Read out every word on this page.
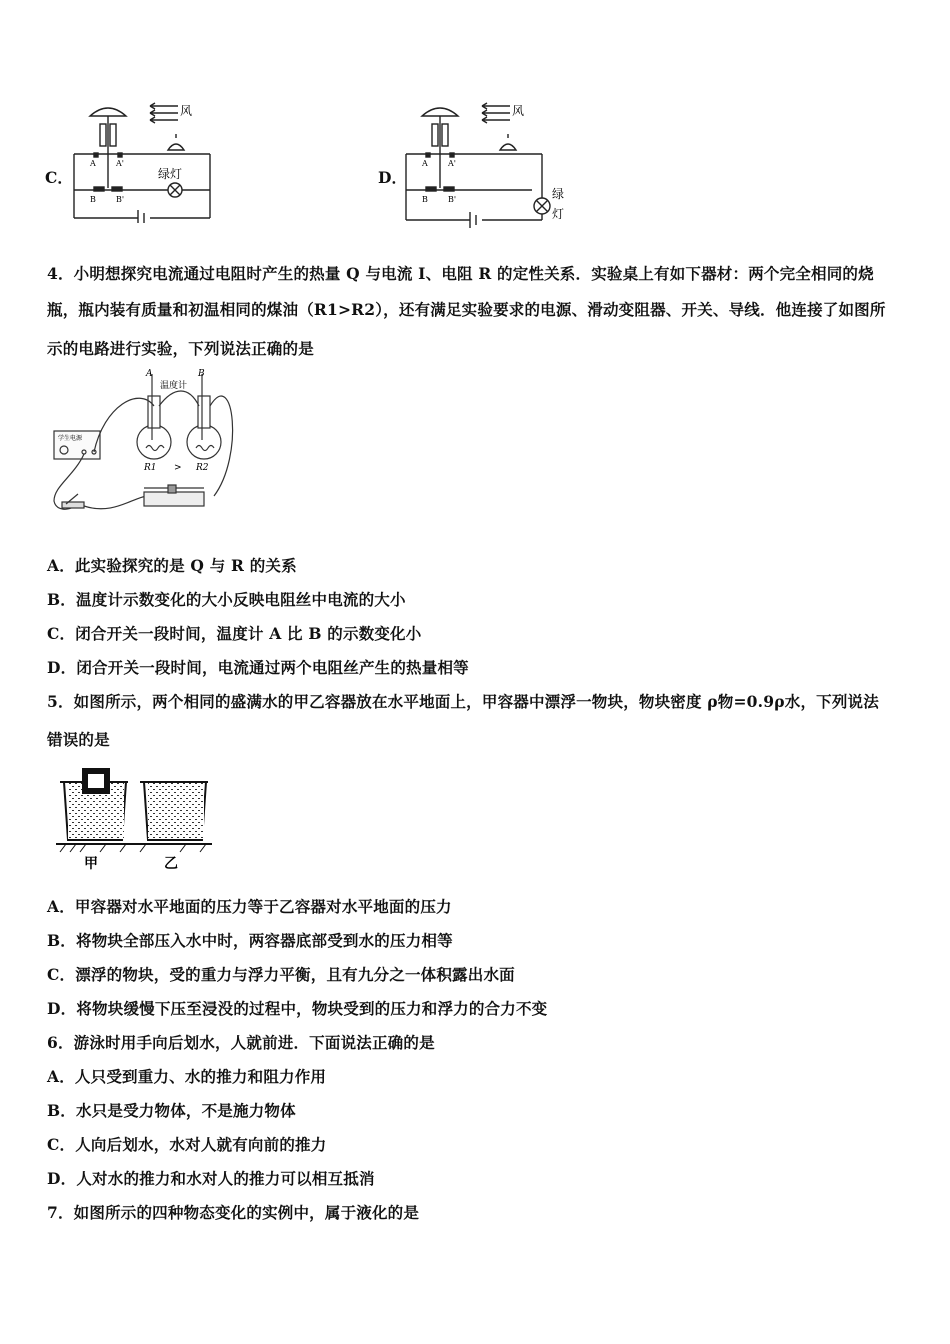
C．
风
A	A'
B	B'
绿灯	D．
风
A	A'
B	B'	绿
灯
4．小明想探究电流通过电阻时产生的热量 Q 与电流 I、电阻 R 的定性关系．实验桌上有如下器材：两个完全相同的烧
瓶，瓶内装有质量和初温相同的煤油（R1>R2），还有满足实验要求的电源、滑动变阻器、开关、导线．他连接了如图所
示的电路进行实验，下列说法正确的是
A	B
温度计
R1 > R2
学生电源
A．此实验探究的是 Q 与 R 的关系
B．温度计示数变化的大小反映电阻丝中电流的大小
C．闭合开关一段时间，温度计 A 比 B 的示数变化小
D．闭合开关一段时间，电流通过两个电阻丝产生的热量相等
5．如图所示，两个相同的盛满水的甲乙容器放在水平地面上，甲容器中漂浮一物块，物块密度 ρ物=0.9ρ水，下列说法
错误的是
甲	乙
A．甲容器对水平地面的压力等于乙容器对水平地面的压力
B．将物块全部压入水中时，两容器底部受到水的压力相等
C．漂浮的物块，受的重力与浮力平衡，且有九分之一体积露出水面
D．将物块缓慢下压至浸没的过程中，物块受到的压力和浮力的合力不变
6．游泳时用手向后划水，人就前进．下面说法正确的是
A．人只受到重力、水的推力和阻力作用
B．水只是受力物体，不是施力物体
C．人向后划水，水对人就有向前的推力
D．人对水的推力和水对人的推力可以相互抵消
7．如图所示的四种物态变化的实例中，属于液化的是
